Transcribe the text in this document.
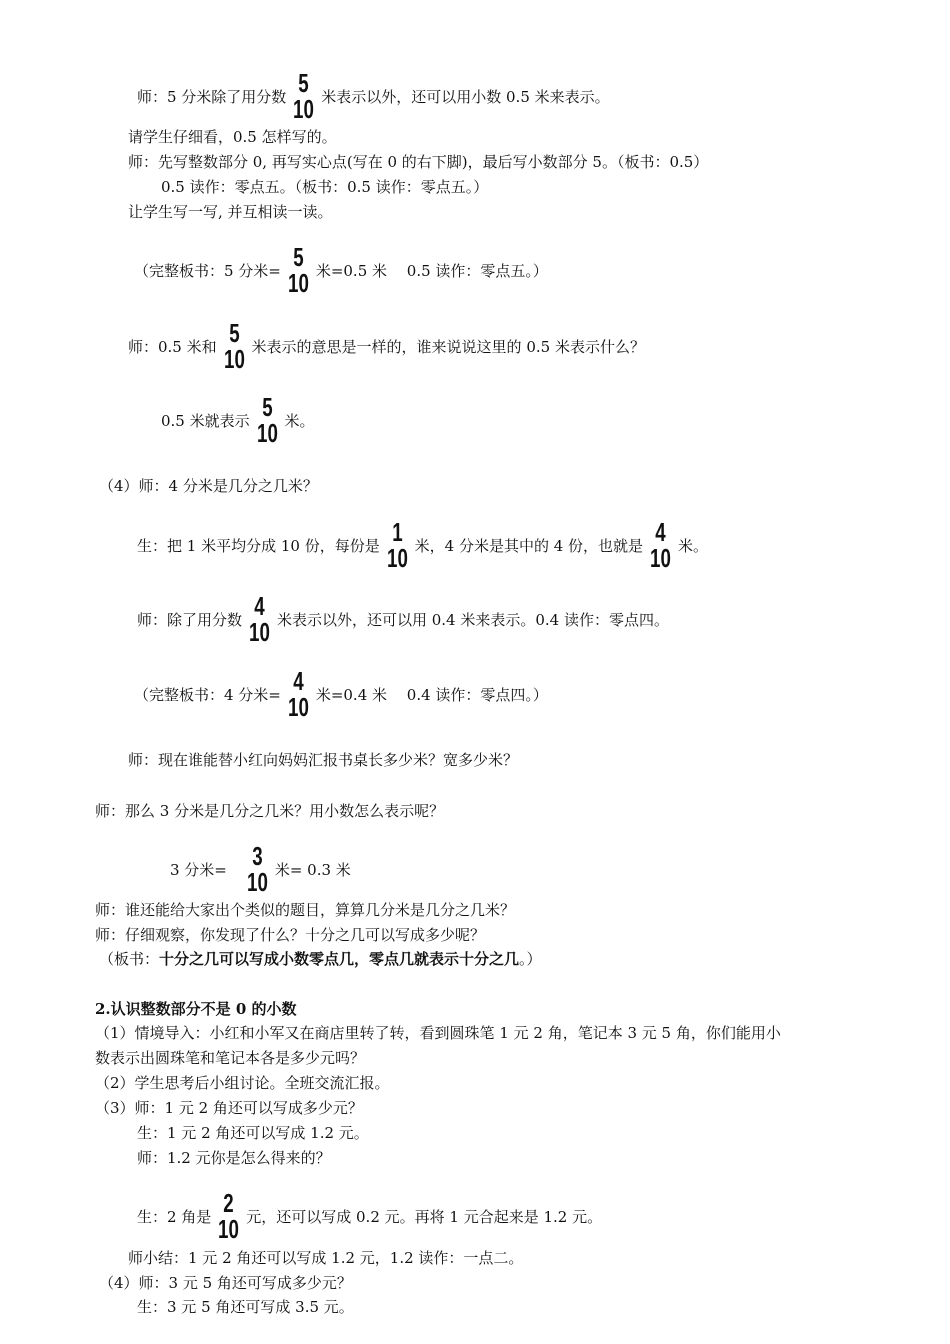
师：5 分米除了用分数 5
10 米表示以外，还可以用小数 0.5 米来表示。
请学生仔细看，0.5 怎样写的。
师：先写整数部分 0, 再写实心点(写在 0 的右下脚)，最后写小数部分 5。（板书：0.5）
0.5 读作：零点五。（板书：0.5 读作：零点五。）
让学生写一写, 并互相读一读。
（完整板书：5 分米= 5
10 米=0.5 米　 0.5 读作：零点五。）
师：0.5 米和 5
10 米表示的意思是一样的，谁来说说这里的 0.5 米表示什么？
0.5 米就表示 5
10 米。
（4）师：4 分米是几分之几米？
生：把 1 米平均分成 10 份，每份是 1
10 米，4 分米是其中的 4 份，也就是 4
10 米。
师：除了用分数 4
10 米表示以外，还可以用 0.4 米来表示。0.4 读作：零点四。
（完整板书：4 分米= 4
10 米=0.4 米　 0.4 读作：零点四。）
师：现在谁能替小红向妈妈汇报书桌长多少米？宽多少米？
师：那么 3 分米是几分之几米？用小数怎么表示呢？
3 分米= 3
10 米= 0.3 米
师：谁还能给大家出个类似的题目，算算几分米是几分之几米？
师：仔细观察，你发现了什么？十分之几可以写成多少呢？
（板书：十分之几可以写成小数零点几，零点几就表示十分之几。）
2.认识整数部分不是 0 的小数
（1）情境导入：小红和小军又在商店里转了转，看到圆珠笔 1 元 2 角，笔记本 3 元 5 角，你们能用小
数表示出圆珠笔和笔记本各是多少元吗？
（2）学生思考后小组讨论。全班交流汇报。
（3）师：1 元 2 角还可以写成多少元？
生：1 元 2 角还可以写成 1.2 元。
师：1.2 元你是怎么得来的？
生：2 角是 2
10 元，还可以写成 0.2 元。再将 1 元合起来是 1.2 元。
师小结：1 元 2 角还可以写成 1.2 元，1.2 读作：一点二。
（4）师：3 元 5 角还可写成多少元？
生：3 元 5 角还可写成 3.5 元。
